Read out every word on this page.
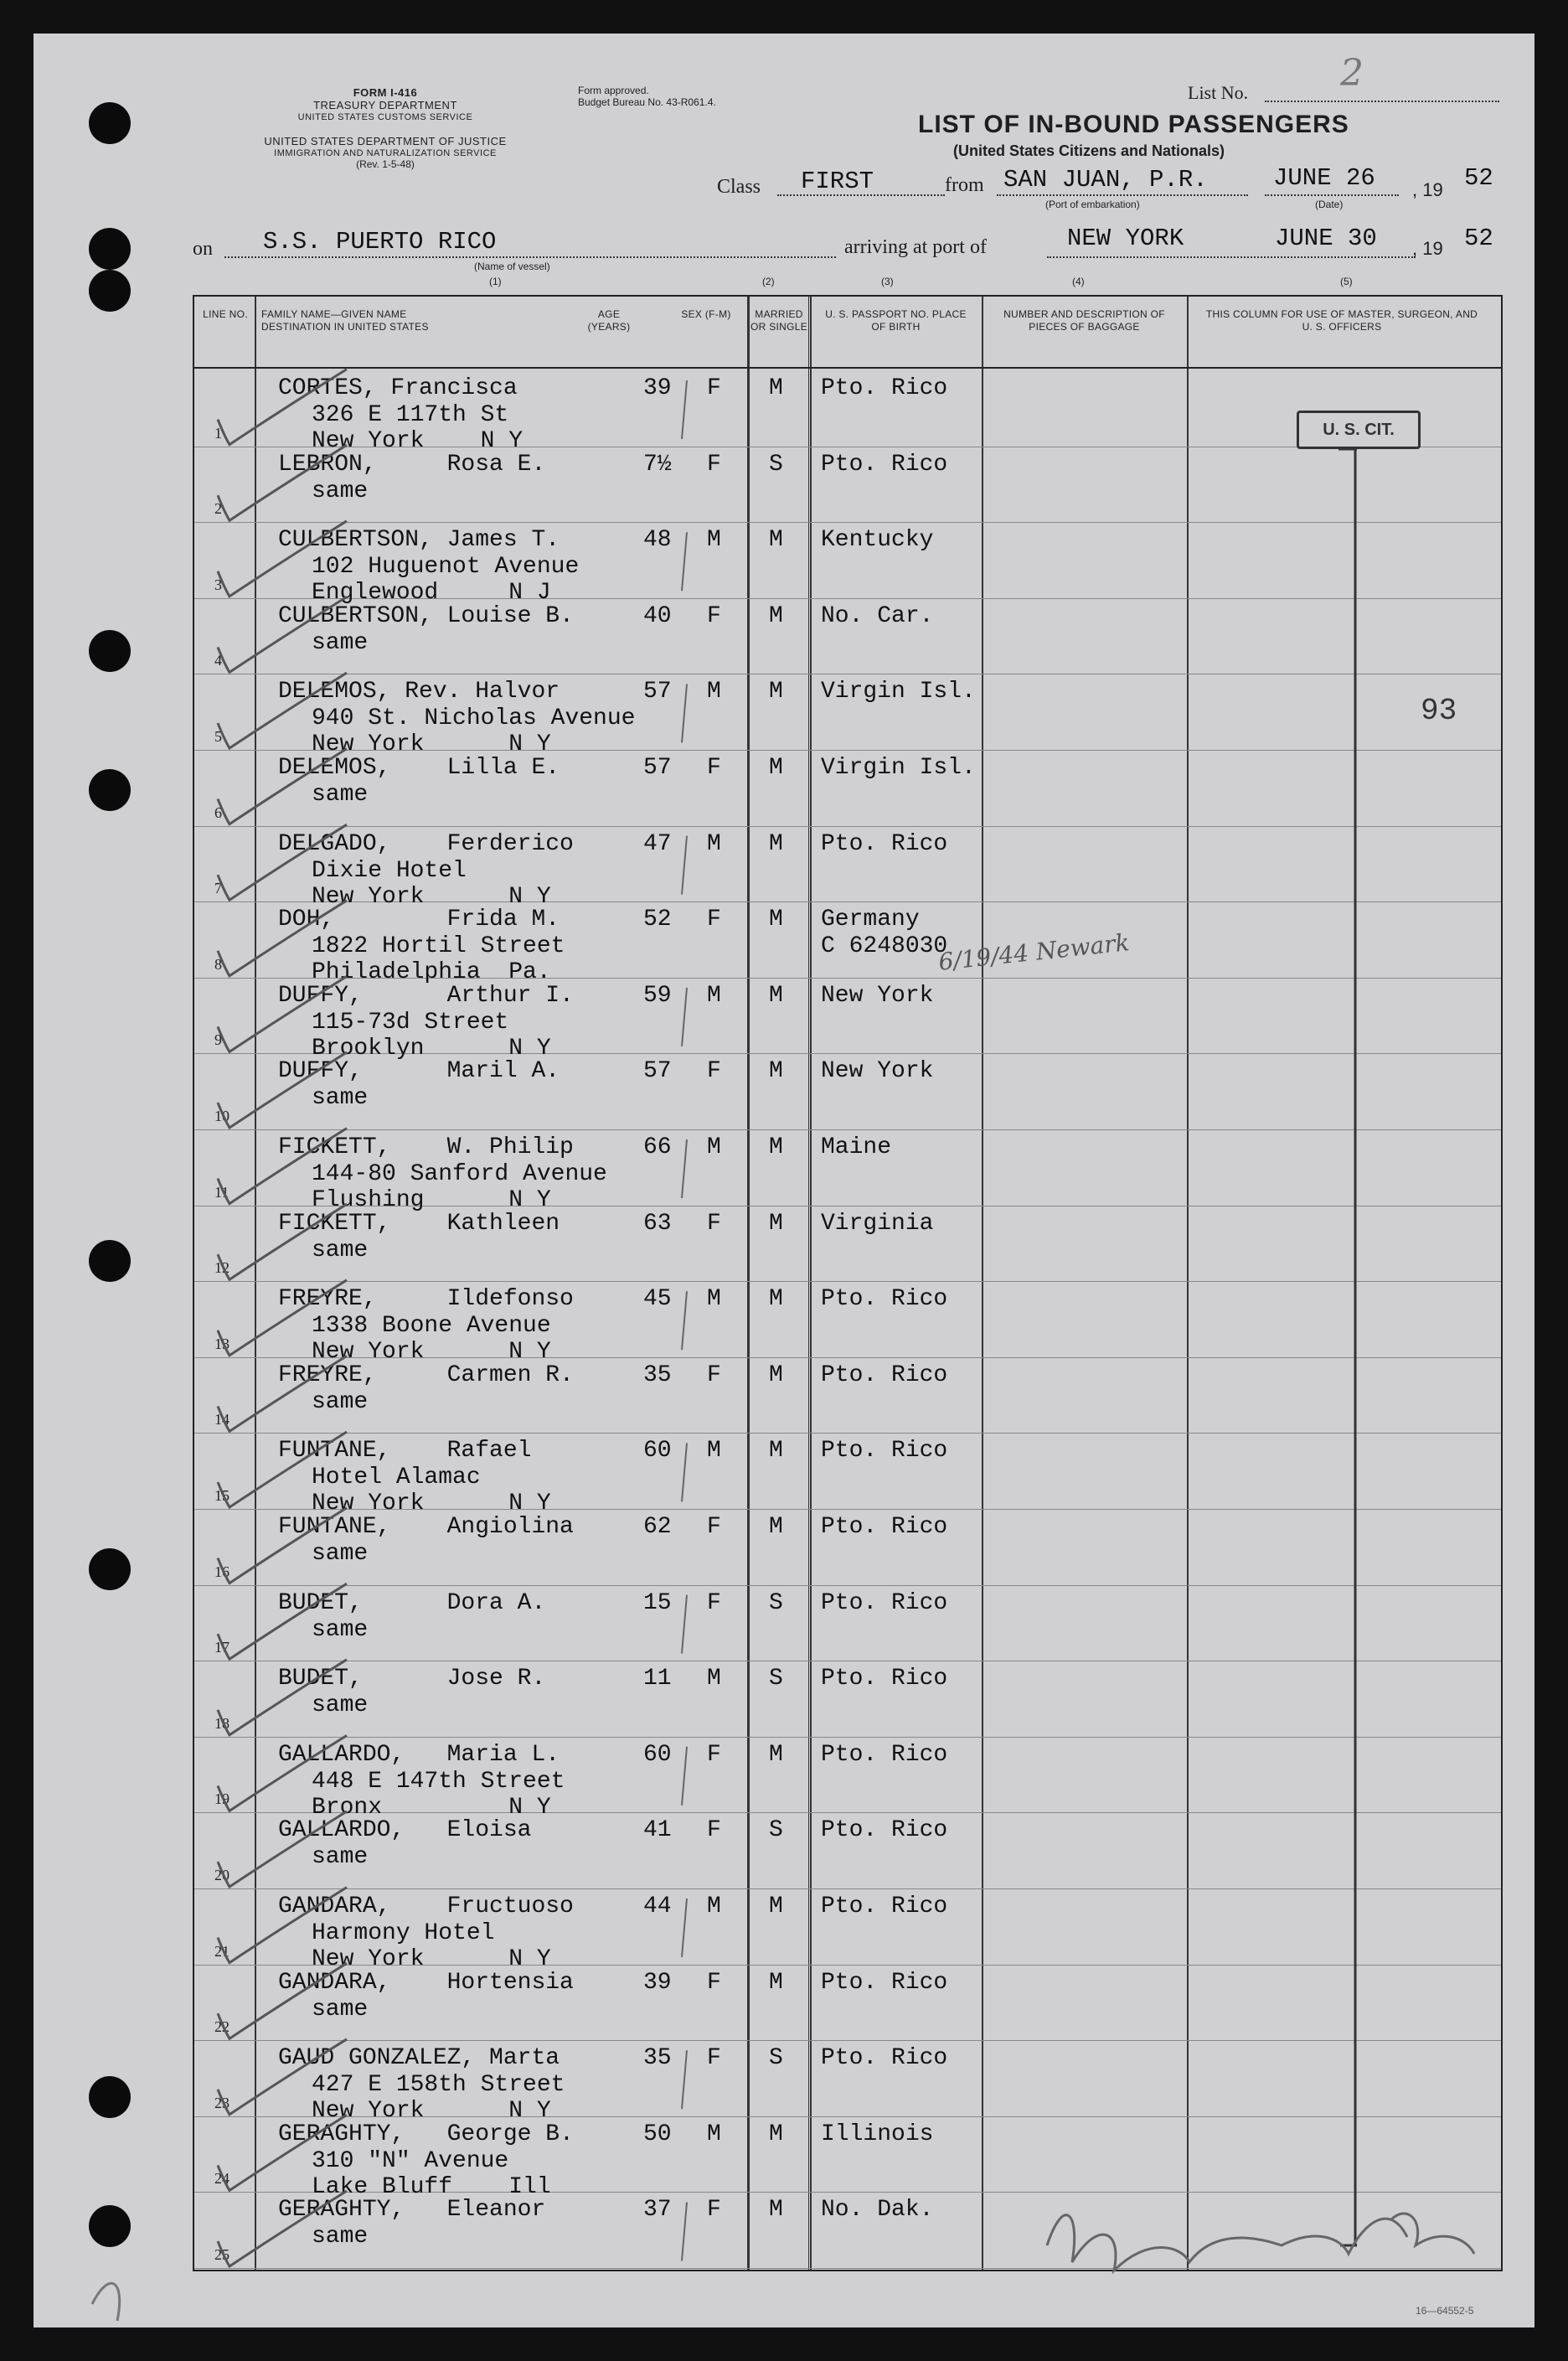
FORM I-416
TREASURY DEPARTMENT
UNITED STATES CUSTOMS SERVICE
UNITED STATES DEPARTMENT OF JUSTICE
IMMIGRATION AND NATURALIZATION SERVICE
(Rev. 1-5-48)
Form approved.
Budget Bureau No. 43-R061.4.	List No. 2
LIST OF IN-BOUND PASSENGERS
(United States Citizens and Nationals)
Class FIRST	from SAN JUAN, P.R.
(Port of embarkation)
JUNE 26
(Date)
, 19 52
on S.S. PUERTO RICO
(Name of vessel)
arriving at port of	NEW YORK	JUNE 30 , 19 52
(1)	(2)	(3)	(4)	(5)
LINE NO.	FAMILY NAME—GIVEN NAME DESTINATION IN UNITED STATES
AGE (YEARS)
SEX (F-M)	MARRIED OR SINGLE
U. S. PASSPORT NO. PLACE OF BIRTH
NUMBER AND DESCRIPTION OF PIECES OF BAGGAGE
THIS COLUMN FOR USE OF MASTER, SURGEON, AND U. S. OFFICERS
1
CORTES, Francisca
326 E 117th St
New York    N Y
39 F M Pto. Rico
2
LEBRON,     Rosa E.
same
7½ F S Pto. Rico
3
CULBERTSON, James T.
102 Huguenot Avenue
Englewood     N J
48 M M Kentucky
4
CULBERTSON, Louise B.
same
40 F M No. Car.
5
DELEMOS, Rev. Halvor
940 St. Nicholas Avenue
New York      N Y
57 M M Virgin Isl.
6
DELEMOS,    Lilla E.
same
57 F M Virgin Isl.
7
DELGADO,    Ferderico
Dixie Hotel
New York      N Y
47 M M Pto. Rico
8
DOH,        Frida M.
1822 Hortil Street
Philadelphia  Pa.
52 F M Germany
C 6248030
9
DUFFY,      Arthur I.
115-73d Street
Brooklyn      N Y
59 M M New York
10
DUFFY,      Maril A.
same
57 F M New York
11
FICKETT,    W. Philip
144-80 Sanford Avenue
Flushing      N Y
66 M M Maine
12
FICKETT,    Kathleen
same
63 F M Virginia
13
FREYRE,     Ildefonso
1338 Boone Avenue
New York      N Y
45 M M Pto. Rico
14
FREYRE,     Carmen R.
same
35 F M Pto. Rico
15
FUNTANE,    Rafael
Hotel Alamac
New York      N Y
60 M M Pto. Rico
16
FUNTANE,    Angiolina
same
62 F M Pto. Rico
17
BUDET,      Dora A.
same
15 F S Pto. Rico
18
BUDET,      Jose R.
same
11 M S Pto. Rico
19
GALLARDO,   Maria L.
448 E 147th Street
Bronx         N Y
60 F M Pto. Rico
20
GALLARDO,   Eloisa
same
41 F S Pto. Rico
21
GANDARA,    Fructuoso
Harmony Hotel
New York      N Y
44 M M Pto. Rico
22
GANDARA,    Hortensia
same
39 F M Pto. Rico
23
GAUD GONZALEZ, Marta
427 E 158th Street
New York      N Y
35 F S Pto. Rico
24
GERAGHTY,   George B.
310 "N" Avenue
Lake Bluff    Ill
50 M M Illinois
25
GERAGHTY,   Eleanor
same
37 F M No. Dak.
U. S. CIT.
93
6/19/44 Newark
16—64552-5
